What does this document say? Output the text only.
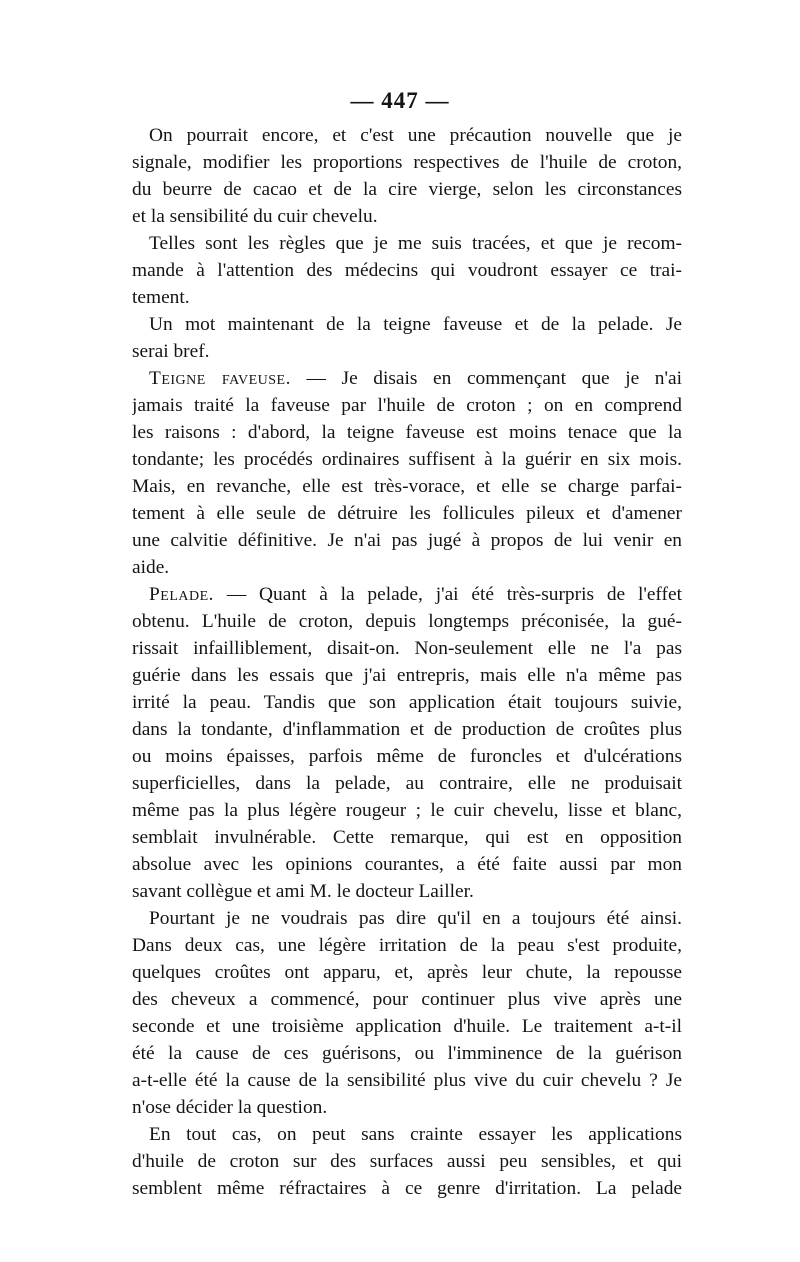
— 447 —
On pourrait encore, et c'est une précaution nouvelle que je
signale, modifier les proportions respectives de l'huile de croton,
du beurre de cacao et de la cire vierge, selon les circonstances
et la sensibilité du cuir chevelu.
Telles sont les règles que je me suis tracées, et que je recom-
mande à l'attention des médecins qui voudront essayer ce trai-
tement.
Un mot maintenant de la teigne faveuse et de la pelade. Je
serai bref.
Teigne faveuse. — Je disais en commençant que je n'ai
jamais traité la faveuse par l'huile de croton ; on en comprend
les raisons : d'abord, la teigne faveuse est moins tenace que la
tondante; les procédés ordinaires suffisent à la guérir en six mois.
Mais, en revanche, elle est très-vorace, et elle se charge parfai-
tement à elle seule de détruire les follicules pileux et d'amener
une calvitie définitive. Je n'ai pas jugé à propos de lui venir en
aide.
Pelade. — Quant à la pelade, j'ai été très-surpris de l'effet
obtenu. L'huile de croton, depuis longtemps préconisée, la gué-
rissait infailliblement, disait-on. Non-seulement elle ne l'a pas
guérie dans les essais que j'ai entrepris, mais elle n'a même pas
irrité la peau. Tandis que son application était toujours suivie,
dans la tondante, d'inflammation et de production de croûtes plus
ou moins épaisses, parfois même de furoncles et d'ulcérations
superficielles, dans la pelade, au contraire, elle ne produisait
même pas la plus légère rougeur ; le cuir chevelu, lisse et blanc,
semblait invulnérable. Cette remarque, qui est en opposition
absolue avec les opinions courantes, a été faite aussi par mon
savant collègue et ami M. le docteur Lailler.
Pourtant je ne voudrais pas dire qu'il en a toujours été ainsi.
Dans deux cas, une légère irritation de la peau s'est produite,
quelques croûtes ont apparu, et, après leur chute, la repousse
des cheveux a commencé, pour continuer plus vive après une
seconde et une troisième application d'huile. Le traitement a-t-il
été la cause de ces guérisons, ou l'imminence de la guérison
a-t-elle été la cause de la sensibilité plus vive du cuir chevelu ? Je
n'ose décider la question.
En tout cas, on peut sans crainte essayer les applications
d'huile de croton sur des surfaces aussi peu sensibles, et qui
semblent même réfractaires à ce genre d'irritation. La pelade
